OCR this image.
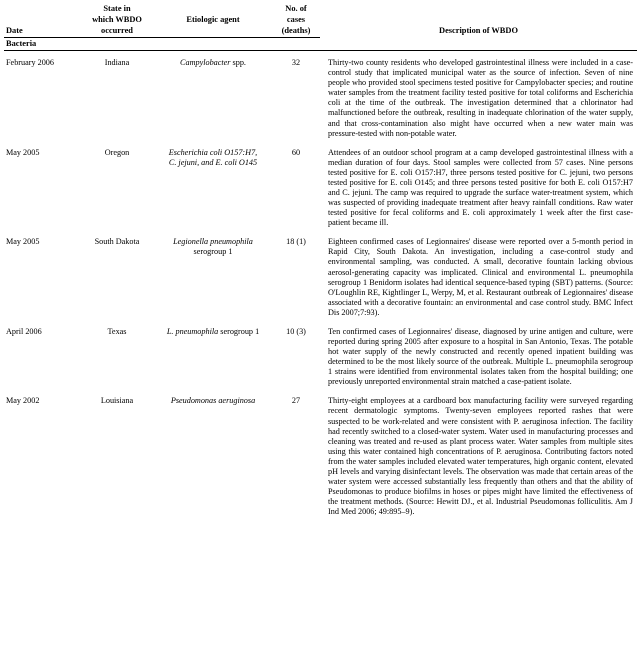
	State in	Etiologic agent	No. of	Description of WBDO
	which WBDO		cases	
Date	occurred		(deaths)	
Bacteria				
February 2006	Indiana	Campylobacter spp.	32	Thirty-two county residents who developed gastrointestinal illness were included in a case-control study that implicated municipal water as the source of infection. Seven of nine people who provided stool specimens tested positive for Campylobacter species; and routine water samples from the treatment facility tested positive for total coliforms and Escherichia coli at the time of the outbreak. The investigation determined that a chlorinator had malfunctioned before the outbreak, resulting in inadequate chlorination of the water supply, and that cross-contamination also might have occurred when a new water main was pressure-tested with non-potable water.

May 2005	Oregon	Escherichia coli O157:H7,
C. jejuni, and E. coli O145	60	Attendees of an outdoor school program at a camp developed gastrointestinal illness with a median duration of four days. Stool samples were collected from 57 cases. Nine persons tested positive for E. coli O157:H7, three persons tested positive for C. jejuni, two persons tested positive for E. coli O145; and three persons tested positive for both E. coli O157:H7 and C. jejuni. The camp was required to upgrade the surface water-treatment system, which was suspected of providing inadequate treatment after heavy rainfall conditions. Raw water tested positive for fecal coliforms and E. coli approximately 1 week after the first case-patient became ill.

May 2005	South Dakota	Legionella pneumophila
serogroup 1	18 (1)	Eighteen confirmed cases of Legionnaires' disease were reported over a 5-month period in Rapid City, South Dakota. An investigation, including a case-control study and environmental sampling, was conducted. A small, decorative fountain lacking obvious aerosol-generating capacity was implicated. Clinical and environmental L. pneumophila serogroup 1 Benidorm isolates had identical sequence-based typing (SBT) patterns. (Source: O'Loughlin RE, Kightlinger L, Werpy, M, et al. Restaurant outbreak of Legionnaires' disease associated with a decorative fountain: an environmental and case control study. BMC Infect Dis 2007;7:93).

April 2006	Texas	L. pneumophila serogroup 1	10 (3)	Ten confirmed cases of Legionnaires' disease, diagnosed by urine antigen and culture, were reported during spring 2005 after exposure to a hospital in San Antonio, Texas. The potable hot water supply of the newly constructed and recently opened inpatient building was determined to be the most likely source of the outbreak. Multiple L. pneumophila serogroup 1 strains were identified from environmental isolates taken from the hospital building; one previously unreported environmental strain matched a case-patient isolate.

May 2002	Louisiana	Pseudomonas aeruginosa	27	Thirty-eight employees at a cardboard box manufacturing facility were surveyed regarding recent dermatologic symptoms. Twenty-seven employees reported rashes that were suspected to be work-related and were consistent with P. aeruginosa infection. The facility had recently switched to a closed-water system. Water used in manufacturing processes and cleaning was treated and re-used as plant process water. Water samples from multiple sites using this water contained high concentrations of P. aeruginosa. Contributing factors noted from the water samples included elevated water temperatures, high organic content, elevated pH levels and varying disinfectant levels. The observation was made that certain areas of the water system were accessed substantially less frequently than others and that the ability of Pseudomonas to produce biofilms in hoses or pipes might have limited the effectiveness of the treatment methods. (Source: Hewitt DJ., et al. Industrial Pseudomonas folliculitis. Am J Ind Med 2006; 49:895–9).
